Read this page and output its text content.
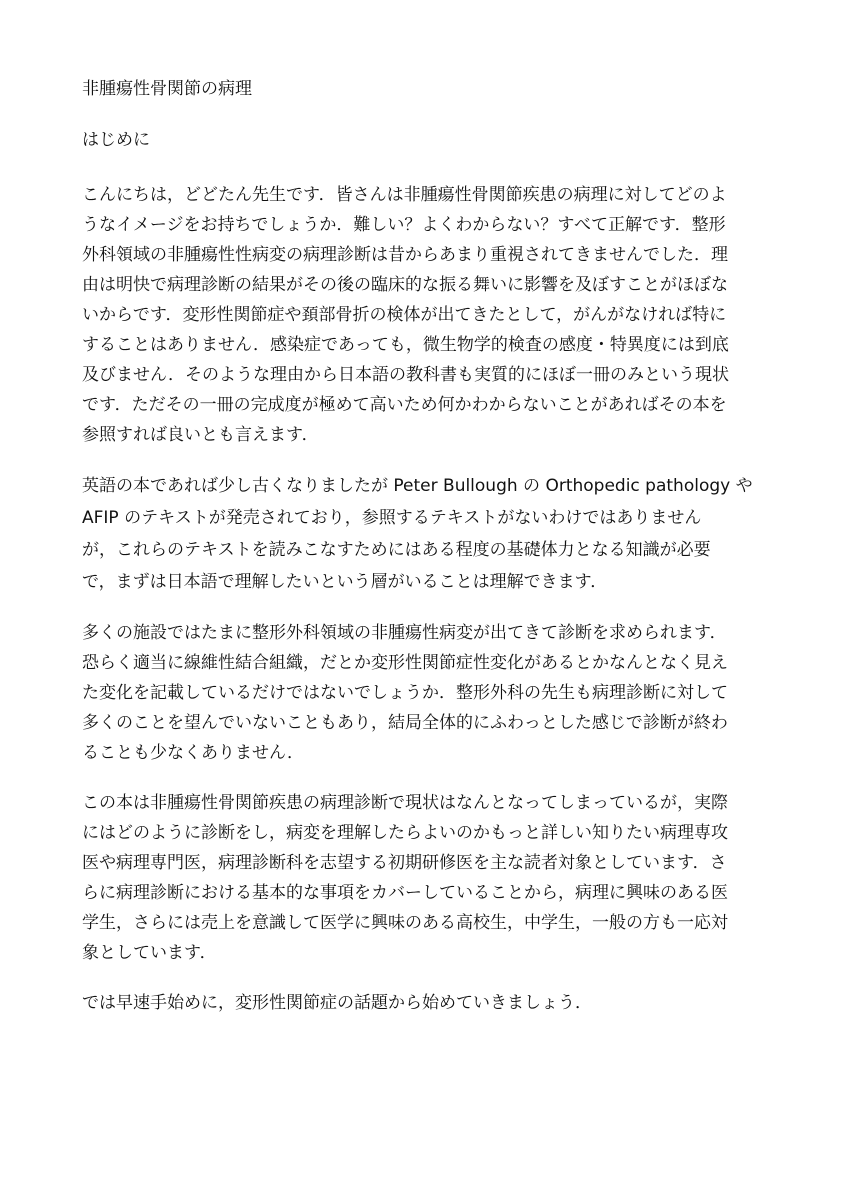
非腫瘍性骨関節の病理
はじめに

こんにちは，どどたん先生です．皆さんは非腫瘍性骨関節疾患の病理に対してどのよ
うなイメージをお持ちでしょうか．難しい？よくわからない？すべて正解です．整形
外科領域の非腫瘍性性病変の病理診断は昔からあまり重視されてきませんでした．理
由は明快で病理診断の結果がその後の臨床的な振る舞いに影響を及ぼすことがほぼな
いからです．変形性関節症や頚部骨折の検体が出てきたとして，がんがなければ特に
することはありません．感染症であっても，微生物学的検査の感度・特異度には到底
及びません．そのような理由から日本語の教科書も実質的にほぼ一冊のみという現状
です．ただその一冊の完成度が極めて高いため何かわからないことがあればその本を
参照すれば良いとも言えます．

英語の本であれば少し古くなりましたが Peter Bullough の Orthopedic pathology や
AFIP のテキストが発売されており，参照するテキストがないわけではありません
が，これらのテキストを読みこなすためにはある程度の基礎体力となる知識が必要
で，まずは日本語で理解したいという層がいることは理解できます．

多くの施設ではたまに整形外科領域の非腫瘍性病変が出てきて診断を求められます．
恐らく適当に線維性結合組織，だとか変形性関節症性変化があるとかなんとなく見え
た変化を記載しているだけではないでしょうか．整形外科の先生も病理診断に対して
多くのことを望んでいないこともあり，結局全体的にふわっとした感じで診断が終わ
ることも少なくありません．

この本は非腫瘍性骨関節疾患の病理診断で現状はなんとなってしまっているが，実際
にはどのように診断をし，病変を理解したらよいのかもっと詳しい知りたい病理専攻
医や病理専門医，病理診断科を志望する初期研修医を主な読者対象としています．さ
らに病理診断における基本的な事項をカバーしていることから，病理に興味のある医
学生，さらには売上を意識して医学に興味のある高校生，中学生，一般の方も一応対
象としています．

では早速手始めに，変形性関節症の話題から始めていきましょう．
